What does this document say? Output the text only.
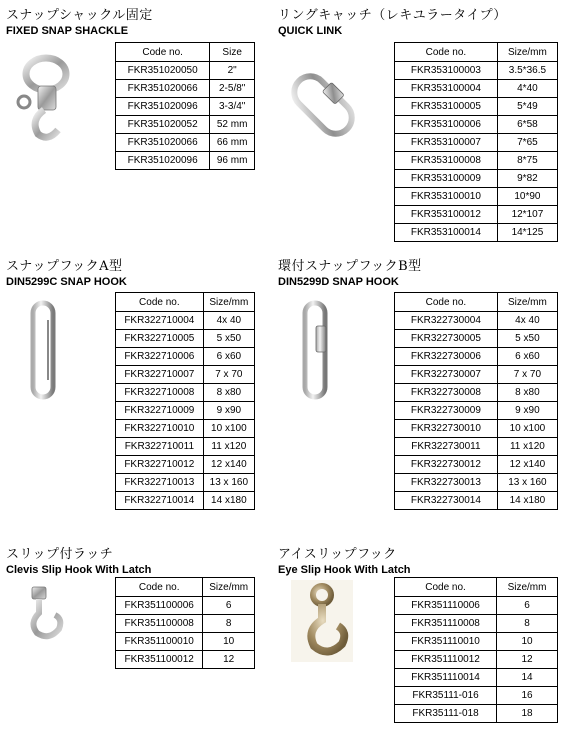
スナップシャックル固定
FIXED SNAP SHACKLE
Code no.	Size
FKR351020050	2"
FKR351020066	2-5/8"
FKR351020096	3-3/4"
FKR351020052	52 mm
FKR351020066	66 mm
FKR351020096	96 mm
リングキャッチ（レキユラータイプ）
QUICK LINK
Code no.	Size/mm
FKR353100003	3.5*36.5
FKR353100004	4*40
FKR353100005	5*49
FKR353100006	6*58
FKR353100007	7*65
FKR353100008	8*75
FKR353100009	9*82
FKR353100010	10*90
FKR353100012	12*107
FKR353100014	14*125
スナップフックA型
DIN5299C SNAP HOOK
Code no.	Size/mm
FKR322710004	4x 40
FKR322710005	5 x50
FKR322710006	6 x60
FKR322710007	7 x 70
FKR322710008	8 x80
FKR322710009	9 x90
FKR322710010	10 x100
FKR322710011	11 x120
FKR322710012	12 x140
FKR322710013	13 x 160
FKR322710014	14 x180
環付スナップフックB型
DIN5299D SNAP HOOK
Code no.	Size/mm
FKR322730004	4x 40
FKR322730005	5 x50
FKR322730006	6 x60
FKR322730007	7 x 70
FKR322730008	8 x80
FKR322730009	9 x90
FKR322730010	10 x100
FKR322730011	11 x120
FKR322730012	12 x140
FKR322730013	13 x 160
FKR322730014	14 x180
スリップ付ラッチ
Clevis Slip Hook With Latch
Code no.	Size/mm
FKR351100006	6
FKR351100008	8
FKR351100010	10
FKR351100012	12
アイスリップフック
Eye Slip Hook With Latch
Code no.	Size/mm
FKR351110006	6
FKR351110008	8
FKR351110010	10
FKR351110012	12
FKR351110014	14
FKR35111-016	16
FKR35111-018	18
